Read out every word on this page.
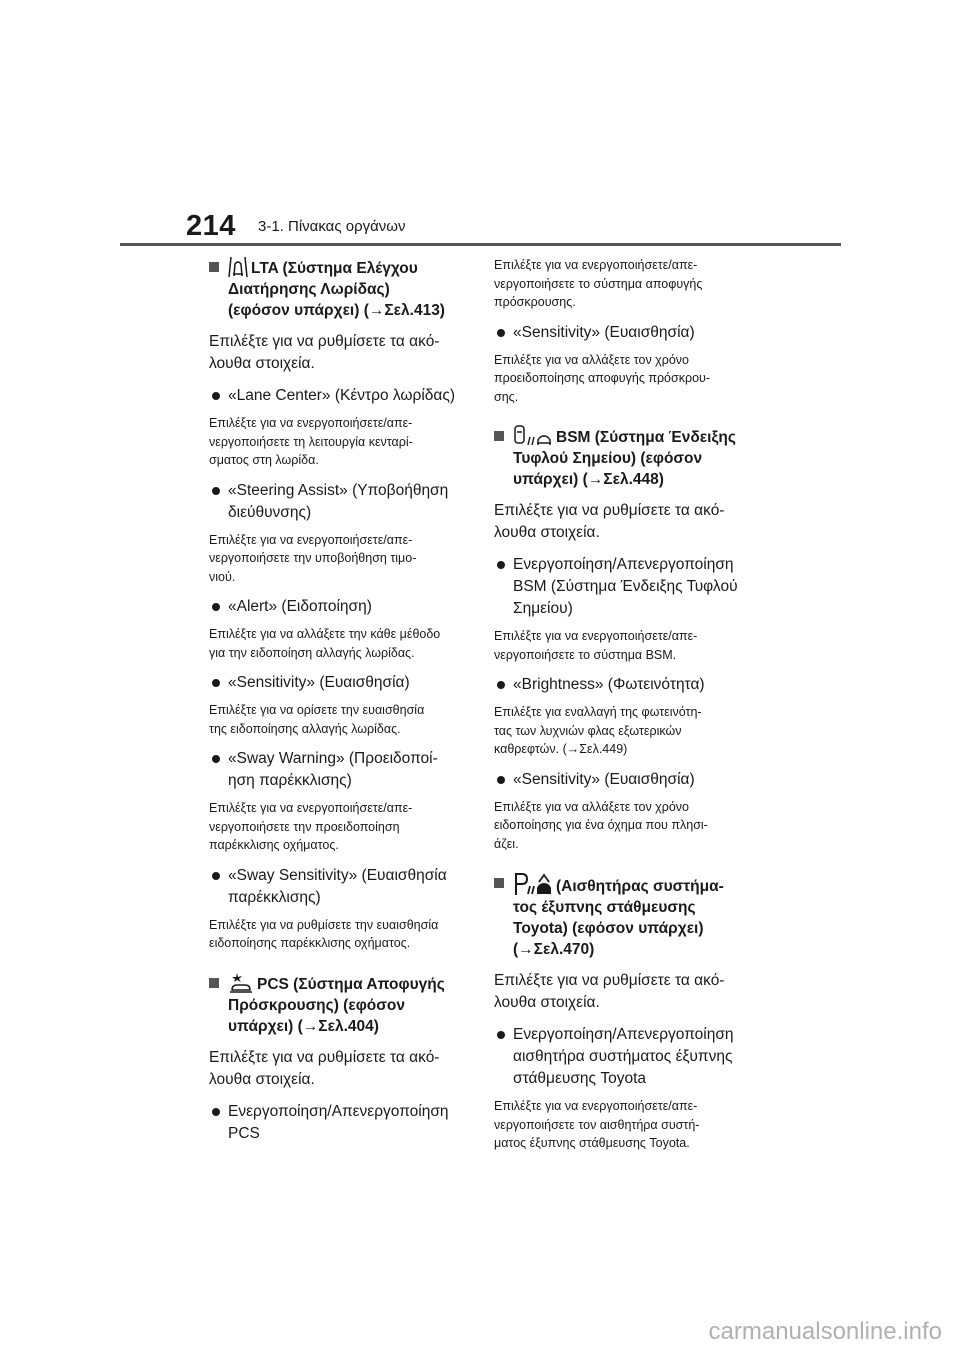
214 3-1. Πίνακας οργάνων
LTA (Σύστημα Ελέγχου
Διατήρησης Λωρίδας)
(εφόσον υπάρχει) (→Σελ.413)
Επιλέξτε για να ρυθμίσετε τα ακό-
λουθα στοιχεία.
«Lane Center» (Κέντρο λωρίδας)
Επιλέξτε για να ενεργοποιήσετε/απε-
νεργοποιήσετε τη λειτουργία κενταρί-
σματος στη λωρίδα.
«Steering Assist» (Υποβοήθηση
διεύθυνσης)
Επιλέξτε για να ενεργοποιήσετε/απε-
νεργοποιήσετε την υποβοήθηση τιμο-
νιού.
«Alert» (Ειδοποίηση)
Επιλέξτε για να αλλάξετε την κάθε μέθοδο
για την ειδοποίηση αλλαγής λωρίδας.
«Sensitivity» (Ευαισθησία)
Επιλέξτε για να ορίσετε την ευαισθησία
της ειδοποίησης αλλαγής λωρίδας.
«Sway Warning» (Προειδοποί-
ηση παρέκκλισης)
Επιλέξτε για να ενεργοποιήσετε/απε-
νεργοποιήσετε την προειδοποίηση
παρέκκλισης οχήματος.
«Sway Sensitivity» (Ευαισθησία
παρέκκλισης)
Επιλέξτε για να ρυθμίσετε την ευαισθησία
ειδοποίησης παρέκκλισης οχήματος.
PCS (Σύστημα Αποφυγής
Πρόσκρουσης) (εφόσον
υπάρχει) (→Σελ.404)
Επιλέξτε για να ρυθμίσετε τα ακό-
λουθα στοιχεία.
Ενεργοποίηση/Απενεργοποίηση
PCS
Επιλέξτε για να ενεργοποιήσετε/απε-
νεργοποιήσετε το σύστημα αποφυγής
πρόσκρουσης.
«Sensitivity» (Ευαισθησία)
Επιλέξτε για να αλλάξετε τον χρόνο
προειδοποίησης αποφυγής πρόσκρου-
σης.
BSM (Σύστημα Ένδειξης
Τυφλού Σημείου) (εφόσον
υπάρχει) (→Σελ.448)
Επιλέξτε για να ρυθμίσετε τα ακό-
λουθα στοιχεία.
Ενεργοποίηση/Απενεργοποίηση
BSM (Σύστημα Ένδειξης Τυφλού
Σημείου)
Επιλέξτε για να ενεργοποιήσετε/απε-
νεργοποιήσετε το σύστημα BSM.
«Brightness» (Φωτεινότητα)
Επιλέξτε για εναλλαγή της φωτεινότη-
τας των λυχνιών φλας εξωτερικών
καθρεφτών. (→Σελ.449)
«Sensitivity» (Ευαισθησία)
Επιλέξτε για να αλλάξετε τον χρόνο
ειδοποίησης για ένα όχημα που πλησι-
άζει.
(Αισθητήρας συστήμα-
τος έξυπνης στάθμευσης
Toyota) (εφόσον υπάρχει)
(→Σελ.470)
Επιλέξτε για να ρυθμίσετε τα ακό-
λουθα στοιχεία.
Ενεργοποίηση/Απενεργοποίηση
αισθητήρα συστήματος έξυπνης
στάθμευσης Toyota
Επιλέξτε για να ενεργοποιήσετε/απε-
νεργοποιήσετε τον αισθητήρα συστή-
ματος έξυπνης στάθμευσης Toyota.
carmanualsonline.info
